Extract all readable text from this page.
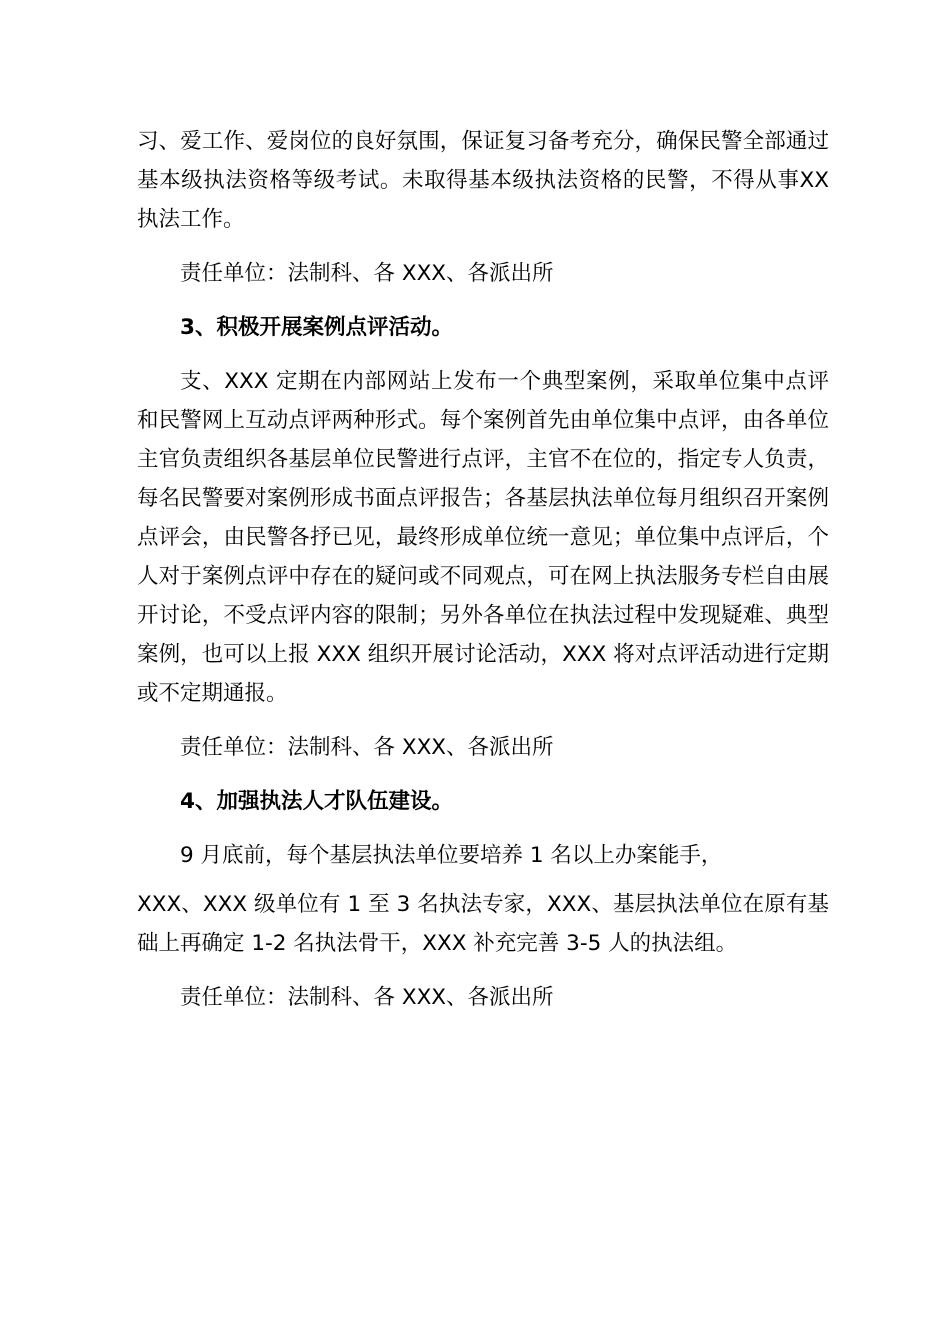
习、爱工作、爱岗位的良好氛围，保证复习备考充分，确保民警全部通过基本级执法资格等级考试。未取得基本级执法资格的民警，不得从事XX 执法工作。

责任单位：法制科、各 XXX、各派出所

3、积极开展案例点评活动。

支、XXX 定期在内部网站上发布一个典型案例，采取单位集中点评和民警网上互动点评两种形式。每个案例首先由单位集中点评，由各单位主官负责组织各基层单位民警进行点评，主官不在位的，指定专人负责，每名民警要对案例形成书面点评报告；各基层执法单位每月组织召开案例点评会，由民警各抒已见，最终形成单位统一意见；单位集中点评后，个人对于案例点评中存在的疑问或不同观点，可在网上执法服务专栏自由展开讨论，不受点评内容的限制；另外各单位在执法过程中发现疑难、典型案例，也可以上报 XXX 组织开展讨论活动，XXX 将对点评活动进行定期或不定期通报。

责任单位：法制科、各 XXX、各派出所

4、加强执法人才队伍建设。

9 月底前，每个基层执法单位要培养 1 名以上办案能手，

XXX、XXX 级单位有 1 至 3 名执法专家，XXX、基层执法单位在原有基础上再确定 1-2 名执法骨干，XXX 补充完善 3-5 人的执法组。

责任单位：法制科、各 XXX、各派出所
